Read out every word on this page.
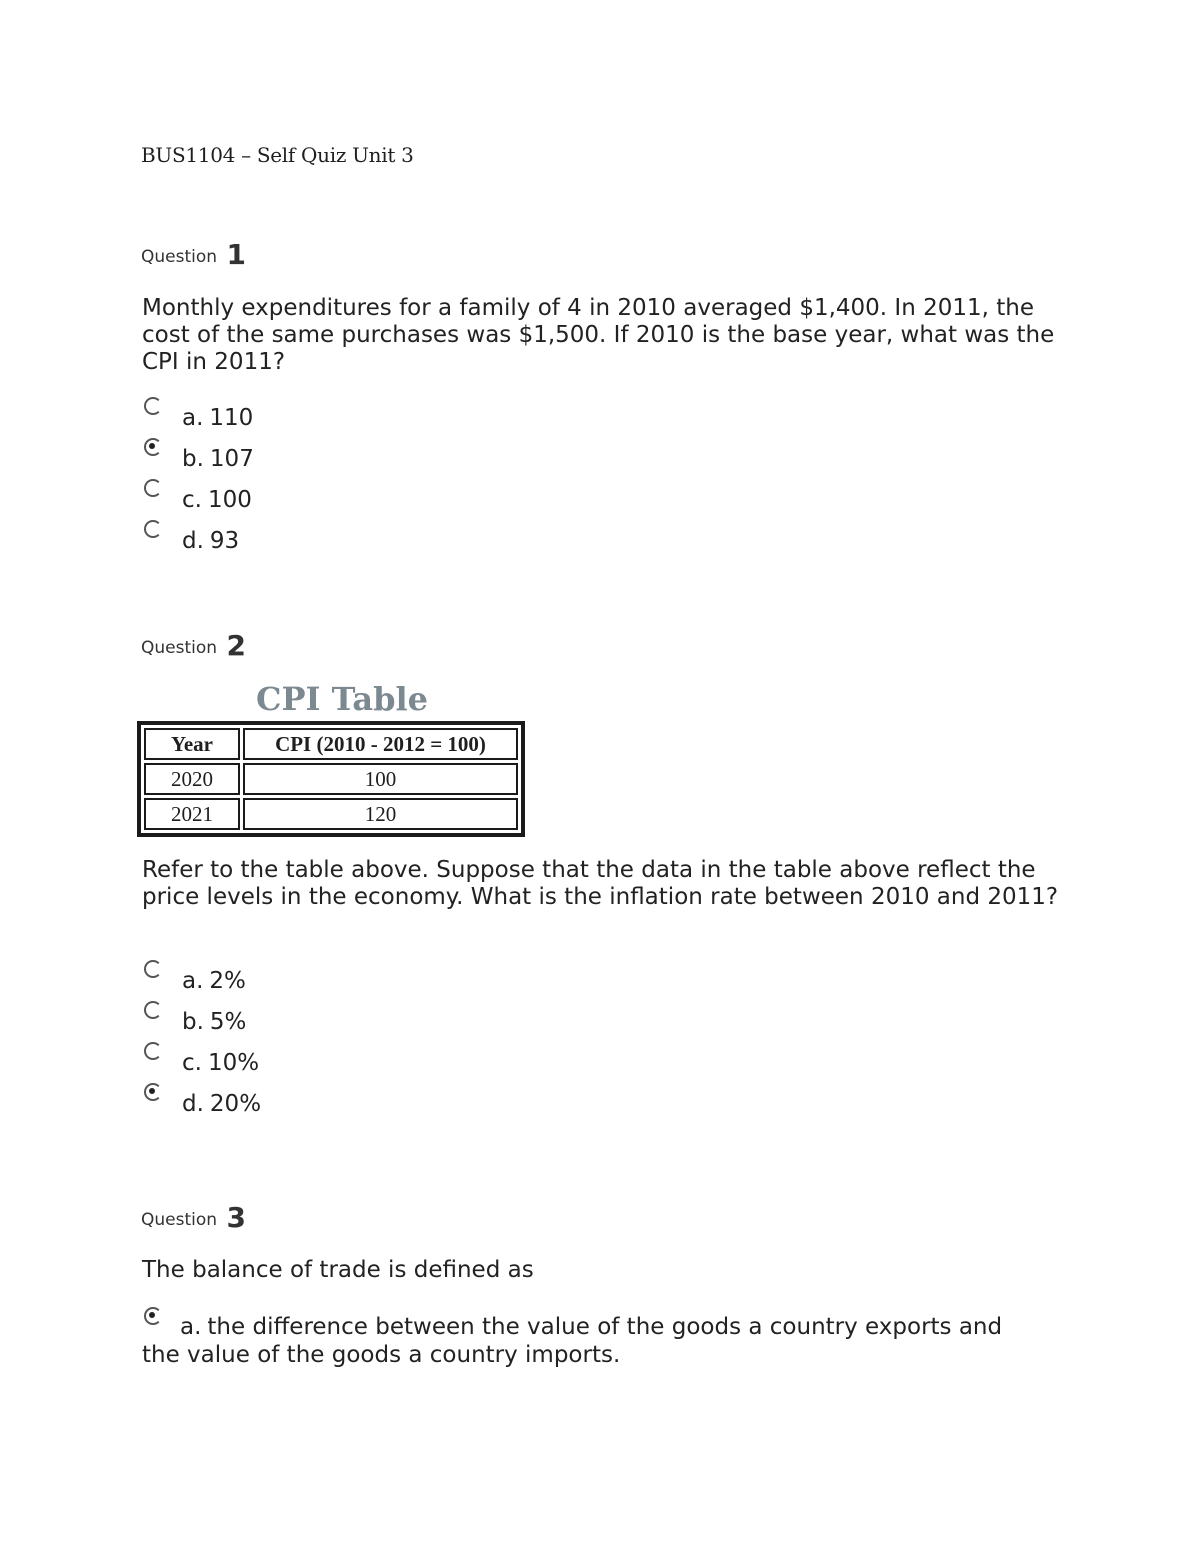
BUS1104 – Self Quiz Unit 3
Question 1
Monthly expenditures for a family of 4 in 2010 averaged $1,400. In 2011, the cost of the same purchases was $1,500. If 2010 is the base year, what was the CPI in 2011?
a. 110
b. 107
c. 100
d. 93
Question 2
CPI Table
Year	CPI (2010 - 2012 = 100)
2020	100
2021	120
Refer to the table above. Suppose that the data in the table above reflect the price levels in the economy. What is the inflation rate between 2010 and 2011?
a. 2%
b. 5%
c. 10%
d. 20%
Question 3
The balance of trade is defined as
a. the difference between the value of the goods a country exports and the value of the goods a country imports.
